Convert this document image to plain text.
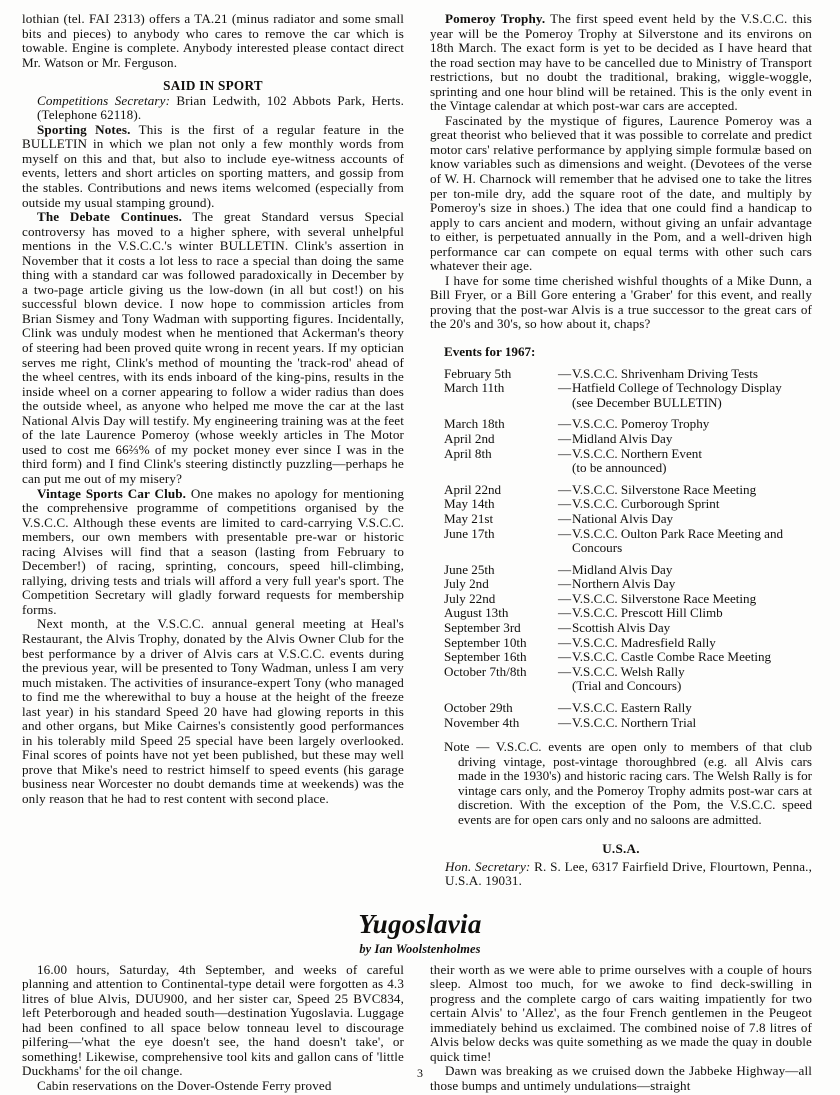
lothian (tel. FAI 2313) offers a TA.21 (minus radiator and some small bits and pieces) to anybody who cares to remove the car which is towable. Engine is complete. Anybody interested please contact direct Mr. Watson or Mr. Ferguson.

SAID IN SPORT

Competitions Secretary: Brian Ledwith, 102 Abbots Park, Herts. (Telephone 62118).

Sporting Notes. This is the first of a regular feature in the BULLETIN in which we plan not only a few monthly words from myself on this and that, but also to include eye-witness accounts of events, letters and short articles on sporting matters, and gossip from the stables. Contributions and news items welcomed (especially from outside my usual stamping ground).

The Debate Continues. The great Standard versus Special controversy has moved to a higher sphere, with several unhelpful mentions in the V.S.C.C.'s winter BULLETIN. Clink's assertion in November that it costs a lot less to race a special than doing the same thing with a standard car was followed paradoxically in December by a two-page article giving us the low-down (in all but cost!) on his successful blown device. I now hope to commission articles from Brian Sismey and Tony Wadman with supporting figures. Incidentally, Clink was unduly modest when he mentioned that Ackerman's theory of steering had been proved quite wrong in recent years. If my optician serves me right, Clink's method of mounting the 'track-rod' ahead of the wheel centres, with its ends inboard of the king-pins, results in the inside wheel on a corner appearing to follow a wider radius than does the outside wheel, as anyone who helped me move the car at the last National Alvis Day will testify. My engineering training was at the feet of the late Laurence Pomeroy (whose weekly articles in The Motor used to cost me 66⅔% of my pocket money ever since I was in the third form) and I find Clink's steering distinctly puzzling—perhaps he can put me out of my misery?

Vintage Sports Car Club. One makes no apology for mentioning the comprehensive programme of competitions organised by the V.S.C.C. Although these events are limited to card-carrying V.S.C.C. members, our own members with presentable pre-war or historic racing Alvises will find that a season (lasting from February to December!) of racing, sprinting, concours, speed hill-climbing, rallying, driving tests and trials will afford a very full year's sport. The Competition Secretary will gladly forward requests for membership forms.

Next month, at the V.S.C.C. annual general meeting at Heal's Restaurant, the Alvis Trophy, donated by the Alvis Owner Club for the best performance by a driver of Alvis cars at V.S.C.C. events during the previous year, will be presented to Tony Wadman, unless I am very much mistaken. The activities of insurance-expert Tony (who managed to find me the wherewithal to buy a house at the height of the freeze last year) in his standard Speed 20 have had glowing reports in this and other organs, but Mike Cairnes's consistently good performances in his tolerably mild Speed 25 special have been largely overlooked. Final scores of points have not yet been published, but these may well prove that Mike's need to restrict himself to speed events (his garage business near Worcester no doubt demands time at weekends) was the only reason that he had to rest content with second place.

Pomeroy Trophy. The first speed event held by the V.S.C.C. this year will be the Pomeroy Trophy at Silverstone and its environs on 18th March. The exact form is yet to be decided as I have heard that the road section may have to be cancelled due to Ministry of Transport restrictions, but no doubt the traditional, braking, wiggle-woggle, sprinting and one hour blind will be retained. This is the only event in the Vintage calendar at which post-war cars are accepted.

Fascinated by the mystique of figures, Laurence Pomeroy was a great theorist who believed that it was possible to correlate and predict motor cars' relative performance by applying simple formulæ based on know variables such as dimensions and weight. (Devotees of the verse of W. H. Charnock will remember that he advised one to take the litres per ton-mile dry, add the square root of the date, and multiply by Pomeroy's size in shoes.) The idea that one could find a handicap to apply to cars ancient and modern, without giving an unfair advantage to either, is perpetuated annually in the Pom, and a well-driven high performance car can compete on equal terms with other such cars whatever their age.

I have for some time cherished wishful thoughts of a Mike Dunn, a Bill Fryer, or a Bill Gore entering a 'Graber' for this event, and really proving that the post-war Alvis is a true successor to the great cars of the 20's and 30's, so how about it, chaps?

Events for 1967:
February 5th	— V.S.C.C. Shrivenham Driving Tests
March 11th	— Hatfield College of Technology Display
(see December BULLETIN)
March 18th	— V.S.C.C. Pomeroy Trophy
April 2nd	— Midland Alvis Day
April 8th	— V.S.C.C. Northern Event
(to be announced)
April 22nd	— V.S.C.C. Silverstone Race Meeting
May 14th	— V.S.C.C. Curborough Sprint
May 21st	— National Alvis Day
June 17th	— V.S.C.C. Oulton Park Race Meeting and
Concours
June 25th	— Midland Alvis Day
July 2nd	— Northern Alvis Day
July 22nd	— V.S.C.C. Silverstone Race Meeting
August 13th	— V.S.C.C. Prescott Hill Climb
September 3rd	— Scottish Alvis Day
September 10th	— V.S.C.C. Madresfield Rally
September 16th	— V.S.C.C. Castle Combe Race Meeting
October 7th/8th	— V.S.C.C. Welsh Rally
(Trial and Concours)
October 29th	— V.S.C.C. Eastern Rally
November 4th	— V.S.C.C. Northern Trial
Note — V.S.C.C. events are open only to members of that club driving vintage, post-vintage thoroughbred (e.g. all Alvis cars made in the 1930's) and historic racing cars. The Welsh Rally is for vintage cars only, and the Pomeroy Trophy admits post-war cars at discretion. With the exception of the Pom, the V.S.C.C. speed events are for open cars only and no saloons are admitted.
U.S.A.

Hon. Secretary: R. S. Lee, 6317 Fairfield Drive, Flourtown, Penna., U.S.A. 19031.

Yugoslavia
by Ian Woolstenholmes

16.00 hours, Saturday, 4th September, and weeks of careful planning and attention to Continental-type detail were forgotten as 4.3 litres of blue Alvis, DUU900, and her sister car, Speed 25 BVC834, left Peterborough and headed south—destination Yugoslavia. Luggage had been confined to all space below tonneau level to discourage pilfering—'what the eye doesn't see, the hand doesn't take', or something! Likewise, comprehensive tool kits and gallon cans of 'little Duckhams' for the oil change.

Cabin reservations on the Dover-Ostende Ferry proved

their worth as we were able to prime ourselves with a couple of hours sleep. Almost too much, for we awoke to find deck-swilling in progress and the complete cargo of cars waiting impatiently for two certain Alvis' to 'Allez', as the four French gentlemen in the Peugeot immediately behind us exclaimed. The combined noise of 7.8 litres of Alvis below decks was quite something as we made the quay in double quick time!

Dawn was breaking as we cruised down the Jabbeke Highway—all those bumps and untimely undulations—straight

3
